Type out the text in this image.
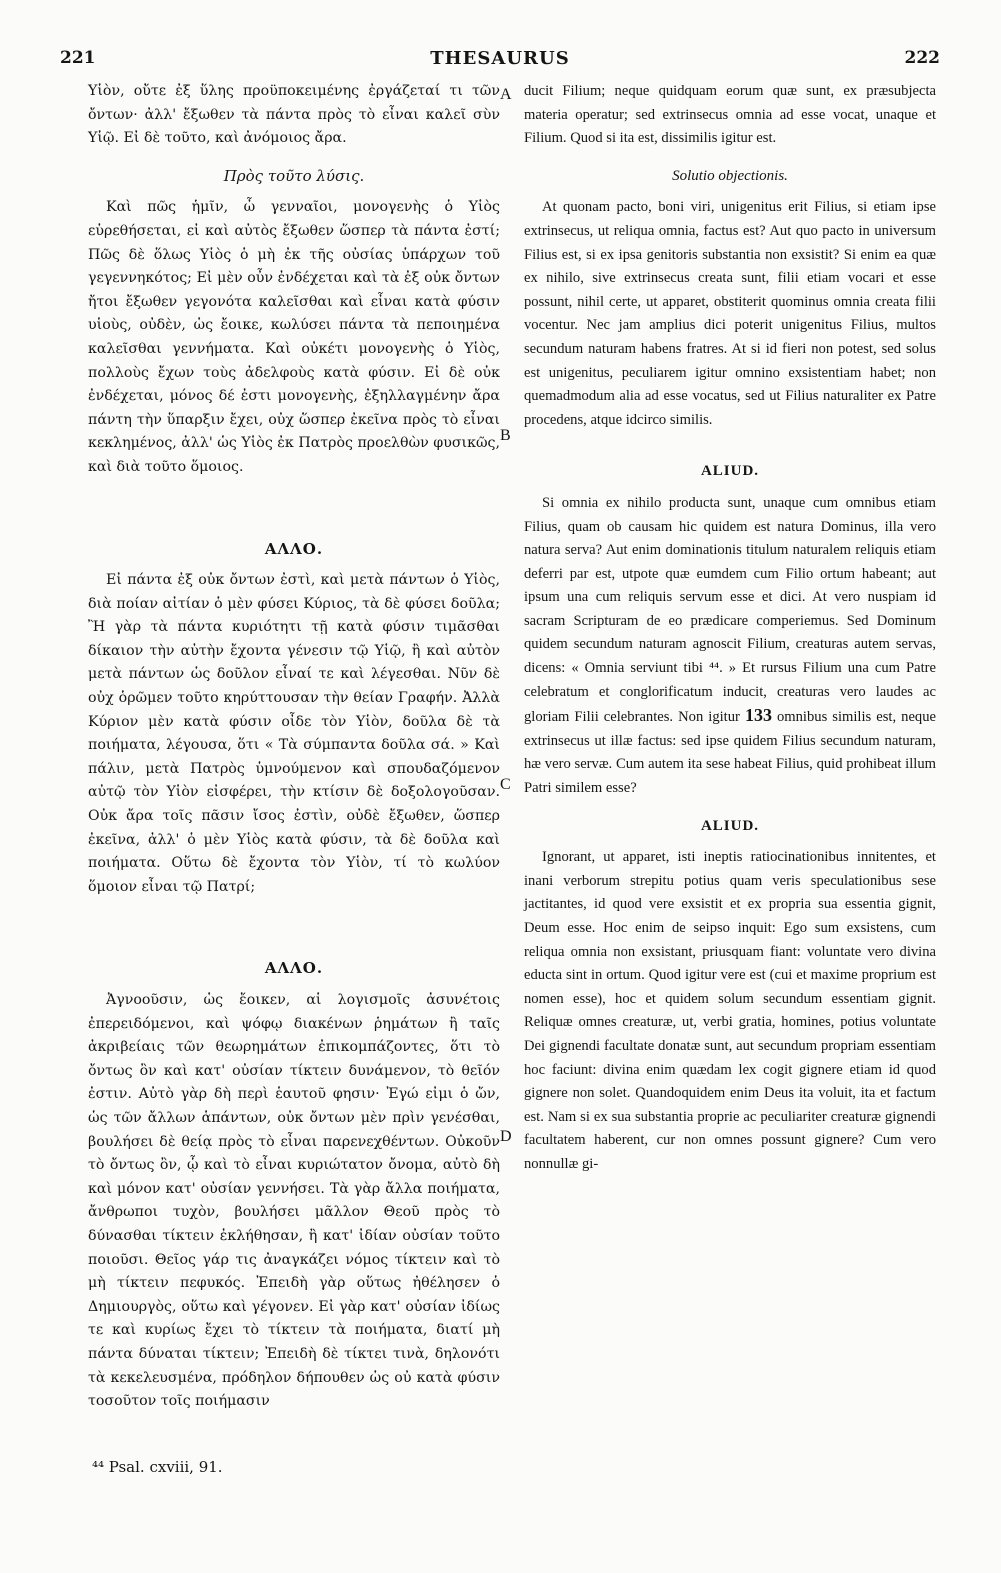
221	THESAURUS	222
A
B
C
D

Υἱὸν, οὔτε ἐξ ὕλης προϋποκειμένης ἐργάζεταί τι τῶν ὄντων· ἀλλ' ἔξωθεν τὰ πάντα πρὸς τὸ εἶναι καλεῖ σὺν Υἱῷ. Εἰ δὲ τοῦτο, καὶ ἀνόμοιος ἄρα.

Πρὸς τοῦτο λύσις.

Καὶ πῶς ἡμῖν, ὦ γενναῖοι, μονογενὴς ὁ Υἱὸς εὑρεθήσεται, εἰ καὶ αὐτὸς ἔξωθεν ὥσπερ τὰ πάντα ἐστί; Πῶς δὲ ὅλως Υἱὸς ὁ μὴ ἐκ τῆς οὐσίας ὑπάρχων τοῦ γεγεννηκότος; Εἰ μὲν οὖν ἐνδέχεται καὶ τὰ ἐξ οὐκ ὄντων ἤτοι ἔξωθεν γεγονότα καλεῖσθαι καὶ εἶναι κατὰ φύσιν υἱοὺς, οὐδὲν, ὡς ἔοικε, κωλύσει πάντα τὰ πεποιημένα καλεῖσθαι γεννήματα. Καὶ οὐκέτι μονογενὴς ὁ Υἱὸς, πολλοὺς ἔχων τοὺς ἀδελφοὺς κατὰ φύσιν. Εἰ δὲ οὐκ ἐνδέχεται, μόνος δέ ἐστι μονογενὴς, ἐξηλλαγμένην ἄρα πάντη τὴν ὕπαρξιν ἔχει, οὐχ ὥσπερ ἐκεῖνα πρὸς τὸ εἶναι κεκλημένος, ἀλλ' ὡς Υἱὸς ἐκ Πατρὸς προελθὼν φυσικῶς, καὶ διὰ τοῦτο ὅμοιος.

ΑΛΛΟ.

Εἰ πάντα ἐξ οὐκ ὄντων ἐστὶ, καὶ μετὰ πάντων ὁ Υἱὸς, διὰ ποίαν αἰτίαν ὁ μὲν φύσει Κύριος, τὰ δὲ φύσει δοῦλα; Ἢ γὰρ τὰ πάντα κυριότητι τῇ κατὰ φύσιν τιμᾶσθαι δίκαιον τὴν αὐτὴν ἔχοντα γένεσιν τῷ Υἱῷ, ἢ καὶ αὐτὸν μετὰ πάντων ὡς δοῦλον εἶναί τε καὶ λέγεσθαι. Νῦν δὲ οὐχ ὁρῶμεν τοῦτο κηρύττουσαν τὴν θείαν Γραφήν. Ἀλλὰ Κύριον μὲν κατὰ φύσιν οἶδε τὸν Υἱὸν, δοῦλα δὲ τὰ ποιήματα, λέγουσα, ὅτι « Τὰ σύμπαντα δοῦλα σά. » Καὶ πάλιν, μετὰ Πατρὸς ὑμνούμενον καὶ σπουδαζόμενον αὐτῷ τὸν Υἱὸν εἰσφέρει, τὴν κτίσιν δὲ δοξολογοῦσαν. Οὐκ ἄρα τοῖς πᾶσιν ἴσος ἐστὶν, οὐδὲ ἔξωθεν, ὥσπερ ἐκεῖνα, ἀλλ' ὁ μὲν Υἱὸς κατὰ φύσιν, τὰ δὲ δοῦλα καὶ ποιήματα. Οὕτω δὲ ἔχοντα τὸν Υἱὸν, τί τὸ κωλύον ὅμοιον εἶναι τῷ Πατρί;

ΑΛΛΟ.

Ἀγνοοῦσιν, ὡς ἔοικεν, αἱ λογισμοῖς ἀσυνέτοις ἐπερειδόμενοι, καὶ ψόφῳ διακένων ῥημάτων ἢ ταῖς ἀκριβείαις τῶν θεωρημάτων ἐπικομπάζοντες, ὅτι τὸ ὄντως ὂν καὶ κατ' οὐσίαν τίκτειν δυνάμενον, τὸ θεῖόν ἐστιν. Αὐτὸ γὰρ δὴ περὶ ἑαυτοῦ φησιν· Ἐγώ εἰμι ὁ ὤν, ὡς τῶν ἄλλων ἁπάντων, οὐκ ὄντων μὲν πρὶν γενέσθαι, βουλήσει δὲ θείᾳ πρὸς τὸ εἶναι παρενεχθέντων. Οὐκοῦν τὸ ὄντως ὂν, ᾧ καὶ τὸ εἶναι κυριώτατον ὄνομα, αὐτὸ δὴ καὶ μόνον κατ' οὐσίαν γεννήσει. Τὰ γὰρ ἄλλα ποιήματα, ἄνθρωποι τυχὸν, βουλήσει μᾶλλον Θεοῦ πρὸς τὸ δύνασθαι τίκτειν ἐκλήθησαν, ἢ κατ' ἰδίαν οὐσίαν τοῦτο ποιοῦσι. Θεῖος γάρ τις ἀναγκάζει νόμος τίκτειν καὶ τὸ μὴ τίκτειν πεφυκός. Ἐπειδὴ γὰρ οὕτως ἠθέλησεν ὁ Δημιουργὸς, οὕτω καὶ γέγονεν. Εἰ γὰρ κατ' οὐσίαν ἰδίως τε καὶ κυρίως ἔχει τὸ τίκτειν τὰ ποιήματα, διατί μὴ πάντα δύναται τίκτειν; Ἐπειδὴ δὲ τίκτει τινὰ, δηλονότι τὰ κεκελευσμένα, πρόδηλον δήπουθεν ὡς οὐ κατὰ φύσιν τοσοῦτον τοῖς ποιήμασιν

ducit Filium; neque quidquam eorum quæ sunt, ex præsubjecta materia operatur; sed extrinsecus omnia ad esse vocat, unaque et Filium. Quod si ita est, dissimilis igitur est.

Solutio objectionis.

At quonam pacto, boni viri, unigenitus erit Filius, si etiam ipse extrinsecus, ut reliqua omnia, factus est? Aut quo pacto in universum Filius est, si ex ipsa genitoris substantia non exsistit? Si enim ea quæ ex nihilo, sive extrinsecus creata sunt, filii etiam vocari et esse possunt, nihil certe, ut apparet, obstiterit quominus omnia creata filii vocentur. Nec jam amplius dici poterit unigenitus Filius, multos secundum naturam habens fratres. At si id fieri non potest, sed solus est unigenitus, peculiarem igitur omnino exsistentiam habet; non quemadmodum alia ad esse vocatus, sed ut Filius naturaliter ex Patre procedens, atque idcirco similis.

ALIUD.

Si omnia ex nihilo producta sunt, unaque cum omnibus etiam Filius, quam ob causam hic quidem est natura Dominus, illa vero natura serva? Aut enim dominationis titulum naturalem reliquis etiam deferri par est, utpote quæ eumdem cum Filio ortum habeant; aut ipsum una cum reliquis servum esse et dici. At vero nuspiam id sacram Scripturam de eo prædicare comperiemus. Sed Dominum quidem secundum naturam agnoscit Filium, creaturas autem servas, dicens: « Omnia serviunt tibi ⁴⁴. » Et rursus Filium una cum Patre celebratum et conglorificatum inducit, creaturas vero laudes ac gloriam Filii celebrantes. Non igitur 133 omnibus similis est, neque extrinsecus ut illæ factus: sed ipse quidem Filius secundum naturam, hæ vero servæ. Cum autem ita sese habeat Filius, quid prohibeat illum Patri similem esse?

ALIUD.

Ignorant, ut apparet, isti ineptis ratiocinationibus innitentes, et inani verborum strepitu potius quam veris speculationibus sese jactitantes, id quod vere exsistit et ex propria sua essentia gignit, Deum esse. Hoc enim de seipso inquit: Ego sum exsistens, cum reliqua omnia non exsistant, priusquam fiant: voluntate vero divina educta sint in ortum. Quod igitur vere est (cui et maxime proprium est nomen esse), hoc et quidem solum secundum essentiam gignit. Reliquæ omnes creaturæ, ut, verbi gratia, homines, potius voluntate Dei gignendi facultate donatæ sunt, aut secundum propriam essentiam hoc faciunt: divina enim quædam lex cogit gignere etiam id quod gignere non solet. Quandoquidem enim Deus ita voluit, ita et factum est. Nam si ex sua substantia proprie ac peculiariter creaturæ gignendi facultatem haberent, cur non omnes possunt gignere? Cum vero nonnullæ gi-

⁴⁴ Psal. cxviii, 91.
